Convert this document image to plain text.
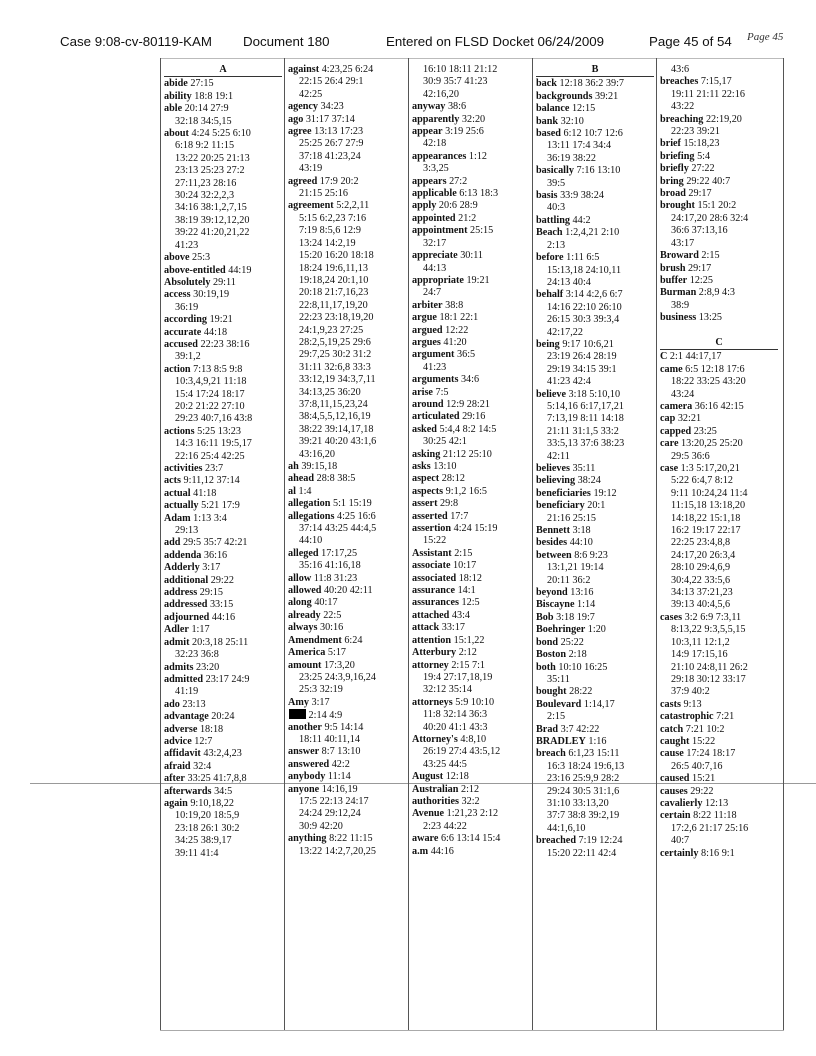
Case 9:08-cv-80119-KAM Document 180	Entered on FLSD Docket 06/24/2009	Page 45 of 54 Page 45
A
abide 27:15
ability 18:8 19:1
able 20:14 27:9
32:18 34:5,15
about 4:24 5:25 6:10
6:18 9:2 11:15
13:22 20:25 21:13
23:13 25:23 27:2
27:11,23 28:16
30:24 32:2,2,3
34:16 38:1,2,7,15
38:19 39:12,12,20
39:22 41:20,21,22
41:23
above 25:3
above-entitled 44:19
Absolutely 29:11
access 30:19,19
36:19
according 19:21
accurate 44:18
accused 22:23 38:16
39:1,2
action 7:13 8:5 9:8
10:3,4,9,21 11:18
15:4 17:24 18:17
20:2 21:22 27:10
29:23 40:7,16 43:8
actions 5:25 13:23
14:3 16:11 19:5,17
22:16 25:4 42:25
activities 23:7
acts 9:11,12 37:14
actual 41:18
actually 5:21 17:9
Adam 1:13 3:4
29:13
add 29:5 35:7 42:21
addenda 36:16
Adderly 3:17
additional 29:22
address 29:15
addressed 33:15
adjourned 44:16
Adler 1:17
admit 20:3,18 25:11
32:23 36:8
admits 23:20
admitted 23:17 24:9
41:19
ado 23:13
advantage 20:24
adverse 18:18
advice 12:7
affidavit 43:2,4,23
afraid 32:4
after 33:25 41:7,8,8
afterwards 34:5
again 9:10,18,22
10:19,20 18:5,9
23:18 26:1 30:2
34:25 38:9,17
39:11 41:4
against 4:23,25 6:24
22:15 26:4 29:1
42:25
agency 34:23
ago 31:17 37:14
agree 13:13 17:23
25:25 26:7 27:9
37:18 41:23,24
43:19
agreed 17:9 20:2
21:15 25:16
agreement 5:2,2,11
5:15 6:2,23 7:16
7:19 8:5,6 12:9
13:24 14:2,19
15:20 16:20 18:18
18:24 19:6,11,13
19:18,24 20:1,10
20:18 21:7,16,23
22:8,11,17,19,20
22:23 23:18,19,20
24:1,9,23 27:25
28:2,5,19,25 29:6
29:7,25 30:2 31:2
31:11 32:6,8 33:3
33:12,19 34:3,7,11
34:13,25 36:20
37:8,11,15,23,24
38:4,5,5,12,16,19
38:22 39:14,17,18
39:21 40:20 43:1,6
43:16,20
ah 39:15,18
ahead 28:8 38:5
al 1:4
allegation 5:1 15:19
allegations 4:25 16:6
37:14 43:25 44:4,5
44:10
alleged 17:17,25
35:16 41:16,18
allow 11:8 31:23
allowed 40:20 42:11
along 40:17
already 22:5
always 30:16
Amendment 6:24
America 5:17
amount 17:3,20
23:25 24:3,9,16,24
25:3 32:19
Amy 3:17
2:14 4:9
another 9:5 14:14
18:11 40:11,14
answer 8:7 13:10
answered 42:2
anybody 11:14
anyone 14:16,19
17:5 22:13 24:17
24:24 29:12,24
30:9 42:20
anything 8:22 11:15
13:22 14:2,7,20,25
16:10 18:11 21:12
30:9 35:7 41:23
42:16,20
anyway 38:6
apparently 32:20
appear 3:19 25:6
42:18
appearances 1:12
3:3,25
appears 27:2
applicable 6:13 18:3
apply 20:6 28:9
appointed 21:2
appointment 25:15
32:17
appreciate 30:11
44:13
appropriate 19:21
24:7
arbiter 38:8
argue 18:1 22:1
argued 12:22
argues 41:20
argument 36:5
41:23
arguments 34:6
arise 7:5
around 12:9 28:21
articulated 29:16
asked 5:4,4 8:2 14:5
30:25 42:1
asking 21:12 25:10
asks 13:10
aspect 28:12
aspects 9:1,2 16:5
assert 29:8
asserted 17:7
assertion 4:24 15:19
15:22
Assistant 2:15
associate 10:17
associated 18:12
assurance 14:1
assurances 12:5
attached 43:4
attack 33:17
attention 15:1,22
Atterbury 2:12
attorney 2:15 7:1
19:4 27:17,18,19
32:12 35:14
attorneys 5:9 10:10
11:8 32:14 36:3
40:20 41:1 43:3
Attorney's 4:8,10
26:19 27:4 43:5,12
43:25 44:5
August 12:18
Australian 2:12
authorities 32:2
Avenue 1:21,23 2:12
2:23 44:22
aware 6:6 13:14 15:4
a.m 44:16
B
back 12:18 36:2 39:7
backgrounds 39:21
balance 12:15
bank 32:10
based 6:12 10:7 12:6
13:11 17:4 34:4
36:19 38:22
basically 7:16 13:10
39:5
basis 33:9 38:24
40:3
battling 44:2
Beach 1:2,4,21 2:10
2:13
before 1:11 6:5
15:13,18 24:10,11
24:13 40:4
behalf 3:14 4:2,6 6:7
14:16 22:10 26:10
26:15 30:3 39:3,4
42:17,22
being 9:17 10:6,21
23:19 26:4 28:19
29:19 34:15 39:1
41:23 42:4
believe 3:18 5:10,10
5:14,16 6:17,17,21
7:13,19 8:11 14:18
21:11 31:1,5 33:2
33:5,13 37:6 38:23
42:11
believes 35:11
believing 38:24
beneficiaries 19:12
beneficiary 20:1
21:16 25:15
Bennett 3:18
besides 44:10
between 8:6 9:23
13:1,21 19:14
20:11 36:2
beyond 13:16
Biscayne 1:14
Bob 3:18 19:7
Boehringer 1:20
bond 25:22
Boston 2:18
both 10:10 16:25
35:11
bought 28:22
Boulevard 1:14,17
2:15
Brad 3:7 42:22
BRADLEY 1:16
breach 6:1,23 15:11
16:3 18:24 19:6,13
23:16 25:9,9 28:2
29:24 30:5 31:1,6
31:10 33:13,20
37:7 38:8 39:2,19
44:1,6,10
breached 7:19 12:24
15:20 22:11 42:4
43:6
breaches 7:15,17
19:11 21:11 22:16
43:22
breaching 22:19,20
22:23 39:21
brief 15:18,23
briefing 5:4
briefly 27:22
bring 29:22 40:7
broad 29:17
brought 15:1 20:2
24:17,20 28:6 32:4
36:6 37:13,16
43:17
Broward 2:15
brush 29:17
buffer 12:25
Burman 2:8,9 4:3
38:9
business 13:25
C
C 2:1 44:17,17
came 6:5 12:18 17:6
18:22 33:25 43:20
43:24
camera 36:16 42:15
cap 32:21
capped 23:25
care 13:20,25 25:20
29:5 36:6
case 1:3 5:17,20,21
5:22 6:4,7 8:12
9:11 10:24,24 11:4
11:15,18 13:18,20
14:18,22 15:1,18
16:2 19:17 22:17
22:25 23:4,8,8
24:17,20 26:3,4
28:10 29:4,6,9
30:4,22 33:5,6
34:13 37:21,23
39:13 40:4,5,6
cases 3:2 6:9 7:3,11
8:13,22 9:3,5,5,15
10:3,11 12:1,2
14:9 17:15,16
21:10 24:8,11 26:2
29:18 30:12 33:17
37:9 40:2
casts 9:13
catastrophic 7:21
catch 7:21 10:2
caught 15:22
cause 17:24 18:17
26:5 40:7,16
caused 15:21
causes 29:22
cavalierly 12:13
certain 8:22 11:18
17:2,6 21:17 25:16
40:7
certainly 8:16 9:1
